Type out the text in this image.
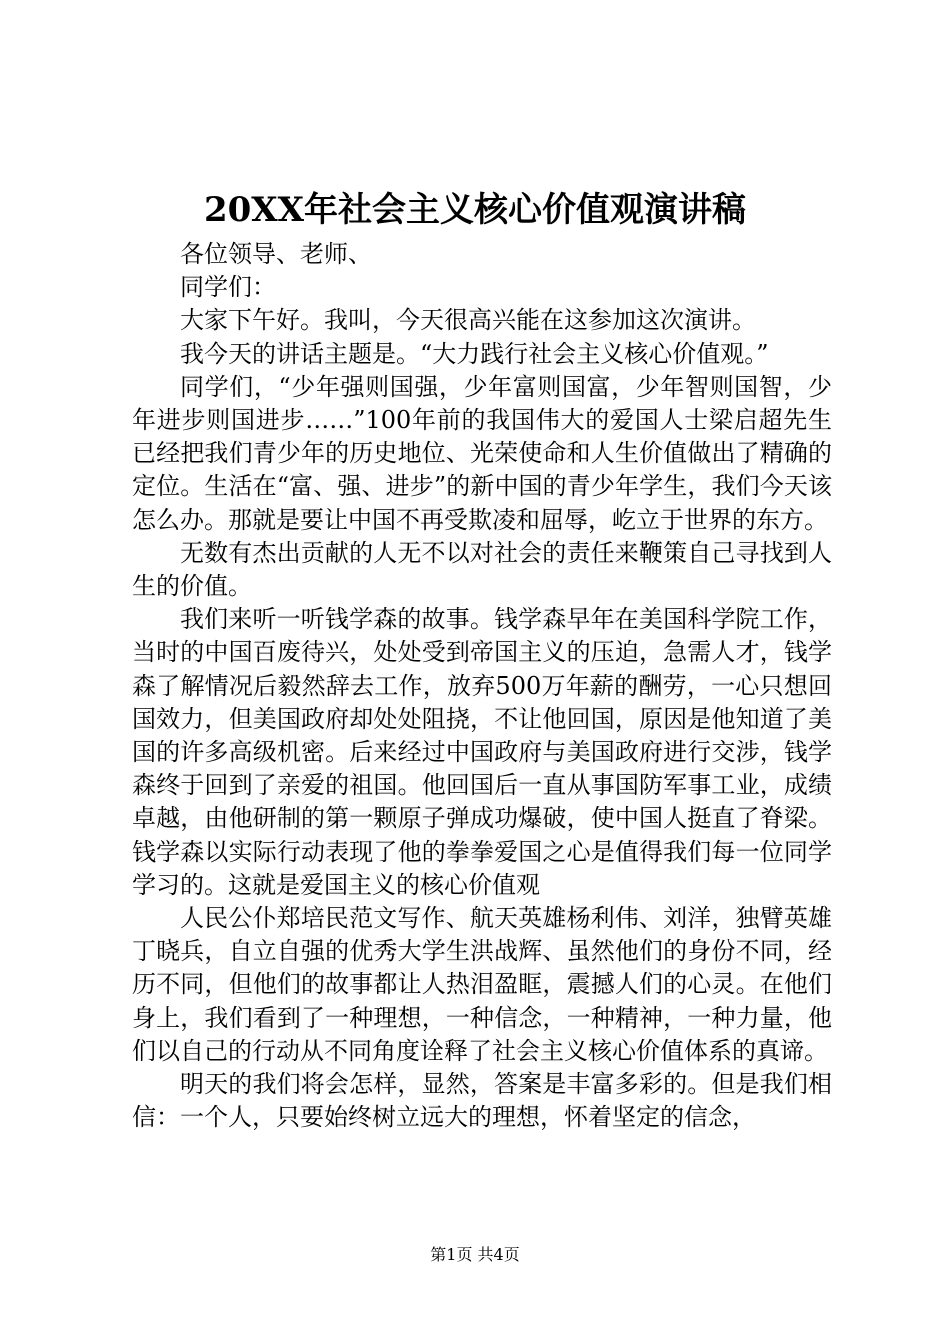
20XX年社会主义核心价值观演讲稿

各位领导、老师、

同学们：

大家下午好。我叫，今天很高兴能在这参加这次演讲。

我今天的讲话主题是。“大力践行社会主义核心价值观。”

同学们，“少年强则国强，少年富则国富，少年智则国智，少年进步则国进步……”100年前的我国伟大的爱国人士梁启超先生已经把我们青少年的历史地位、光荣使命和人生价值做出了精确的定位。生活在“富、强、进步”的新中国的青少年学生，我们今天该怎么办。那就是要让中国不再受欺凌和屈辱，屹立于世界的东方。

无数有杰出贡献的人无不以对社会的责任来鞭策自己寻找到人生的价值。

我们来听一听钱学森的故事。钱学森早年在美国科学院工作，当时的中国百废待兴，处处受到帝国主义的压迫，急需人才，钱学森了解情况后毅然辞去工作，放弃500万年薪的酬劳，一心只想回国效力，但美国政府却处处阻挠，不让他回国，原因是他知道了美国的许多高级机密。后来经过中国政府与美国政府进行交涉，钱学森终于回到了亲爱的祖国。他回国后一直从事国防军事工业，成绩卓越，由他研制的第一颗原子弹成功爆破，使中国人挺直了脊梁。钱学森以实际行动表现了他的拳拳爱国之心是值得我们每一位同学学习的。这就是爱国主义的核心价值观

人民公仆郑培民范文写作、航天英雄杨利伟、刘洋，独臂英雄丁晓兵，自立自强的优秀大学生洪战辉、虽然他们的身份不同，经历不同，但他们的故事都让人热泪盈眶，震撼人们的心灵。在他们身上，我们看到了一种理想，一种信念，一种精神，一种力量，他们以自己的行动从不同角度诠释了社会主义核心价值体系的真谛。

明天的我们将会怎样，显然，答案是丰富多彩的。但是我们相信：一个人，只要始终树立远大的理想，怀着坚定的信念，

第1页 共4页
